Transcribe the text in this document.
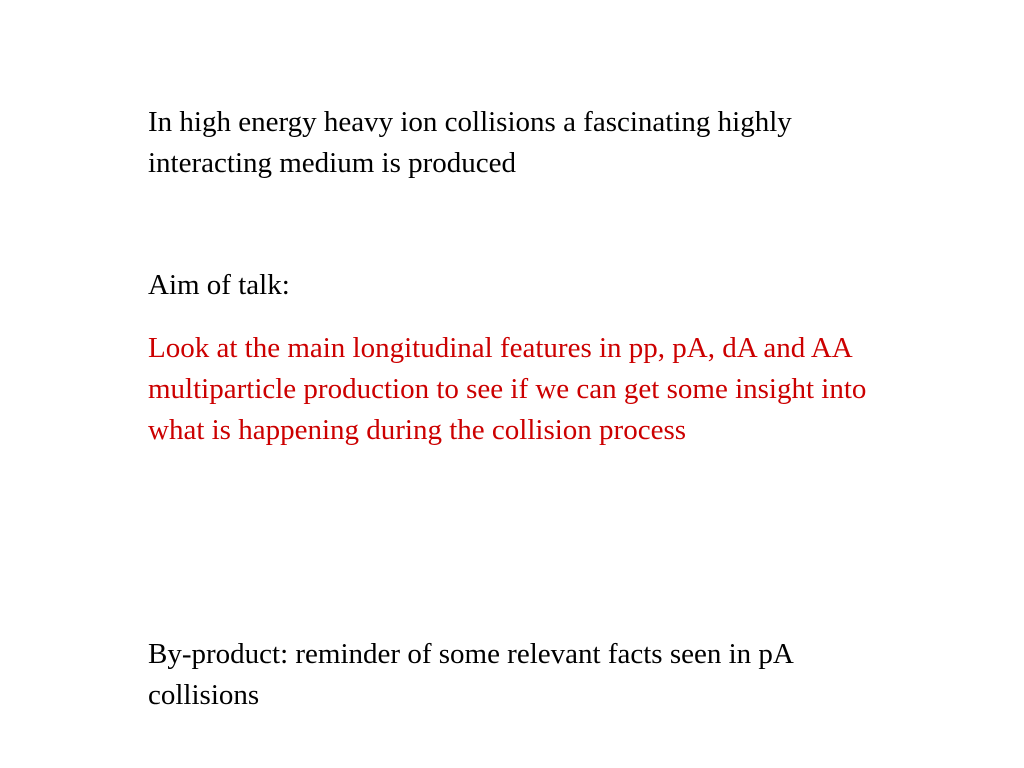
In high energy heavy ion collisions a fascinating highly interacting medium is produced

Aim of talk:

Look at the main longitudinal features in pp, pA, dA and AA multiparticle production to see if we can get some insight into what is happening during the collision process

By-product: reminder of some relevant facts seen in pA collisions
